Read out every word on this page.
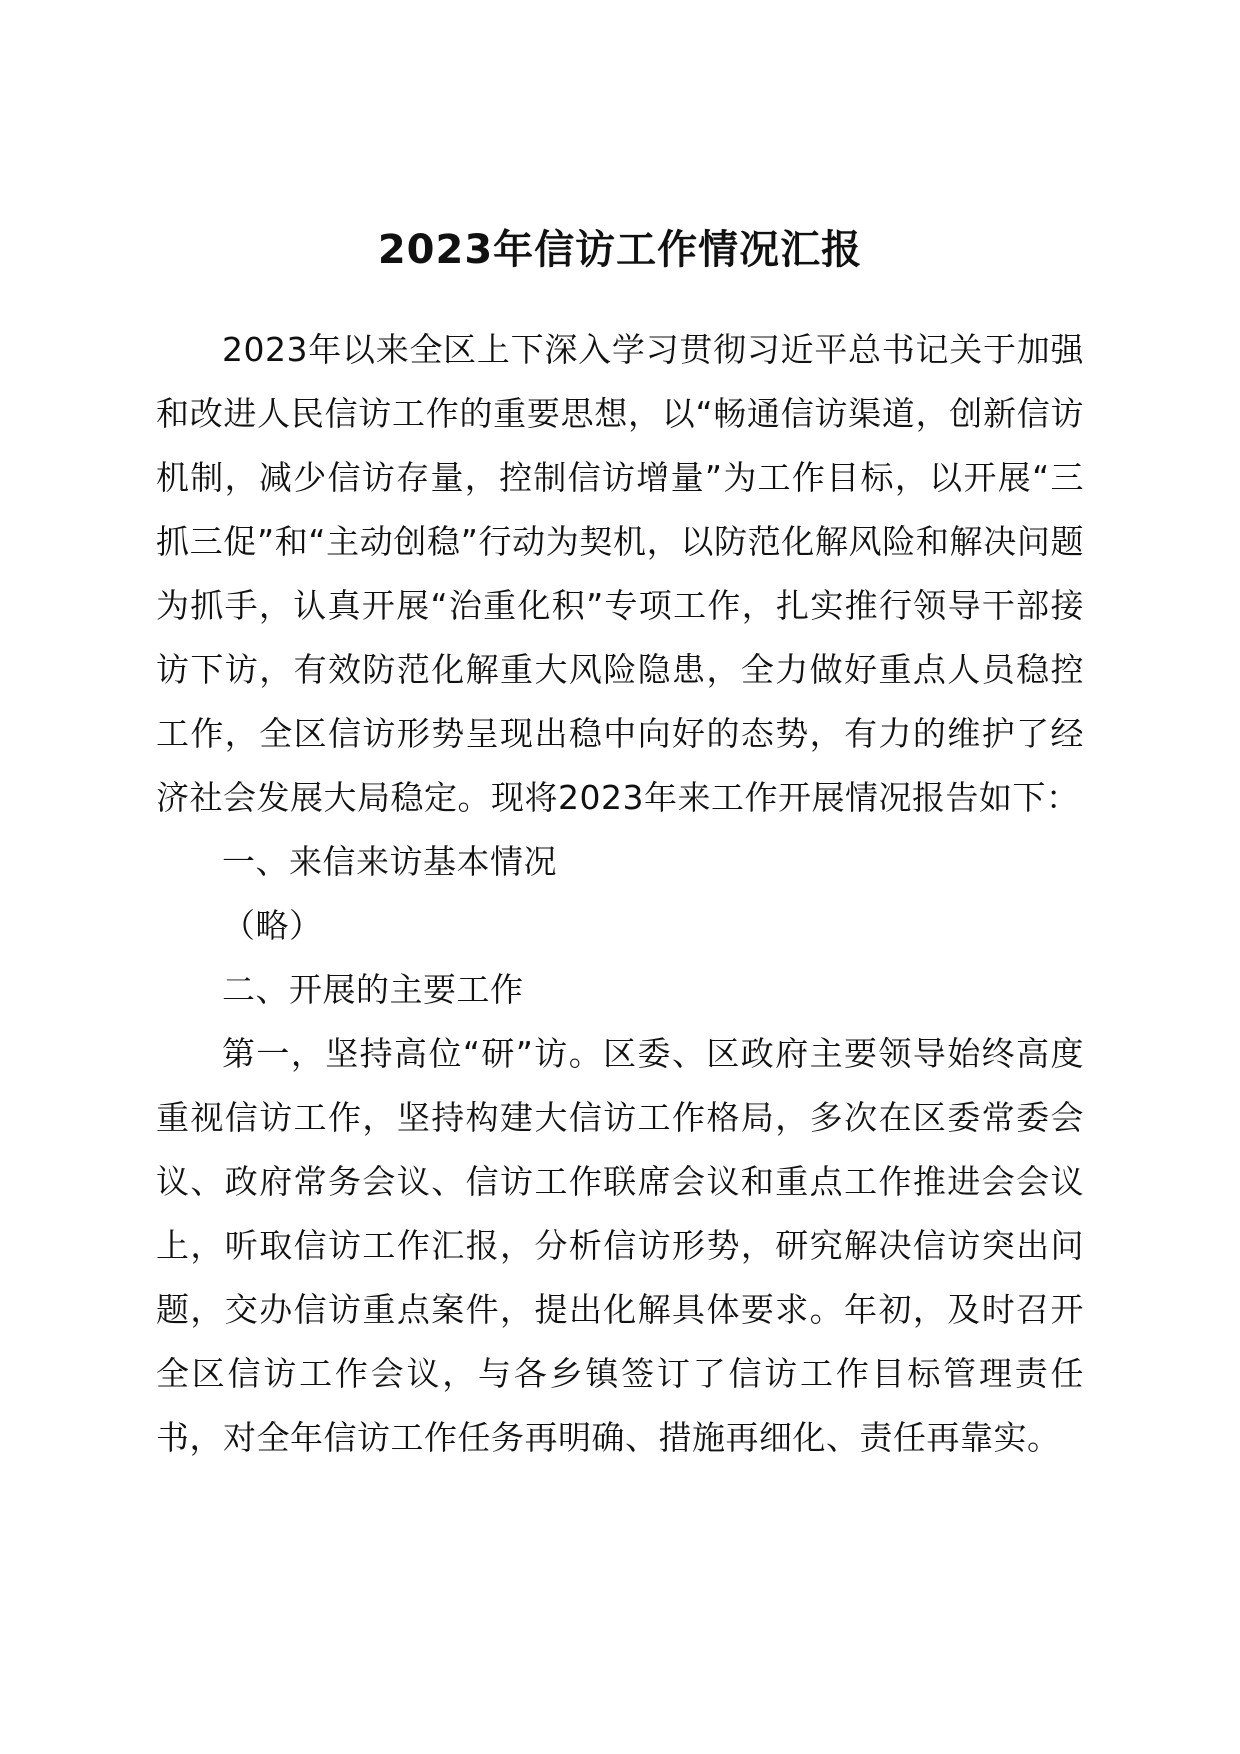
2023年信访工作情况汇报

2023年以来全区上下深入学习贯彻习近平总书记关于加强和改进人民信访工作的重要思想，以“畅通信访渠道，创新信访机制，减少信访存量，控制信访增量”为工作目标，以开展“三抓三促”和“主动创稳”行动为契机，以防范化解风险和解决问题为抓手，认真开展“治重化积”专项工作，扎实推行领导干部接访下访，有效防范化解重大风险隐患，全力做好重点人员稳控工作，全区信访形势呈现出稳中向好的态势，有力的维护了经济社会发展大局稳定。现将2023年来工作开展情况报告如下：

一、来信来访基本情况

（略）

二、开展的主要工作

第一，坚持高位“研”访。区委、区政府主要领导始终高度重视信访工作，坚持构建大信访工作格局，多次在区委常委会议、政府常务会议、信访工作联席会议和重点工作推进会会议上，听取信访工作汇报，分析信访形势，研究解决信访突出问题，交办信访重点案件，提出化解具体要求。年初，及时召开全区信访工作会议，与各乡镇签订了信访工作目标管理责任书，对全年信访工作任务再明确、措施再细化、责任再靠实。
